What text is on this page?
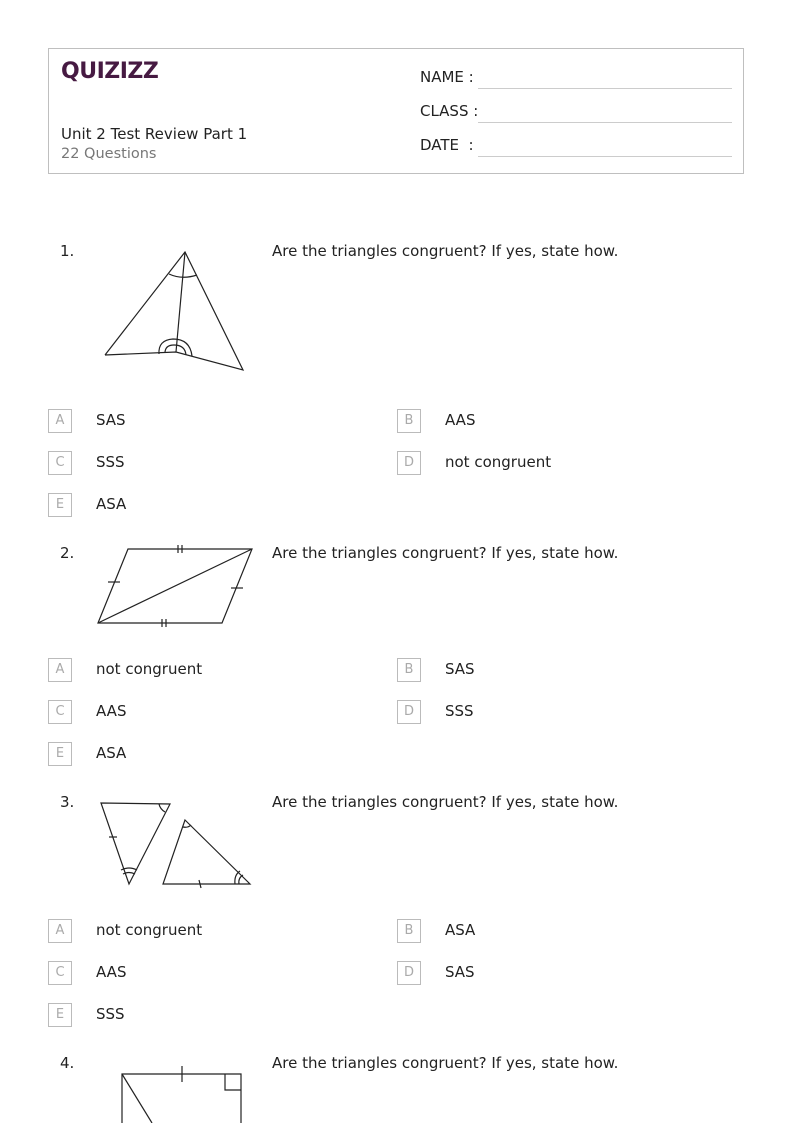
QUIZIZZ
Unit 2 Test Review Part 1
22 Questions
NAME :
CLASS :
DATE  :
1.	Are the triangles congruent? If yes, state how.
A	SAS	B	AAS
C	SSS	D	not congruent
E	ASA
2.	Are the triangles congruent? If yes, state how.
A	not congruent	B	SAS
C	AAS	D	SSS
E	ASA
3.	Are the triangles congruent? If yes, state how.
A	not congruent	B	ASA
C	AAS	D	SAS
E	SSS
4.	Are the triangles congruent? If yes, state how.
